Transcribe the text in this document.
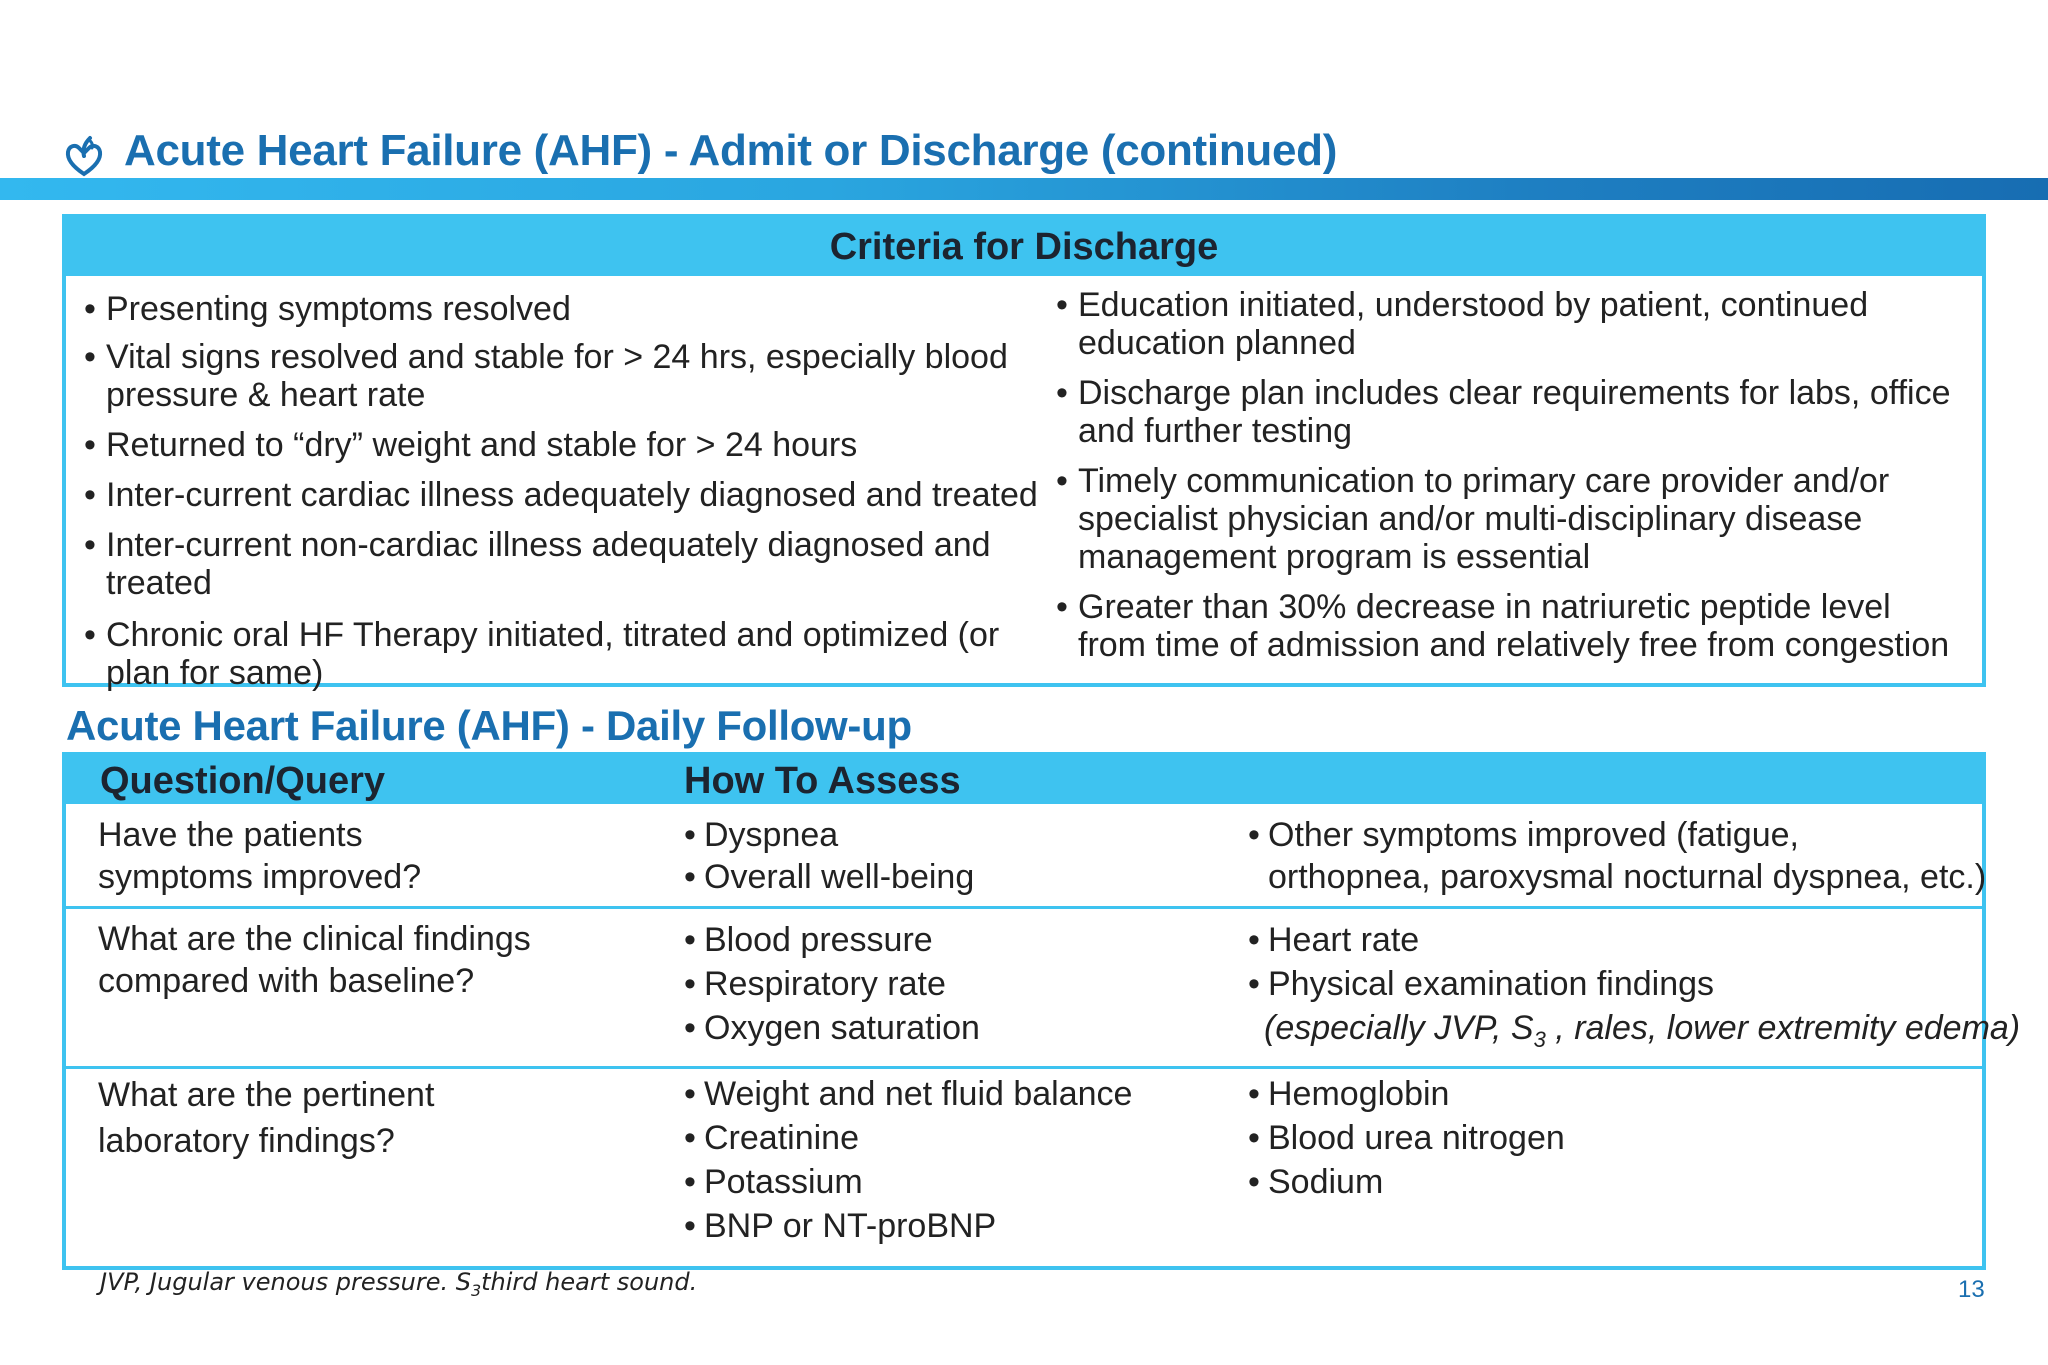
Acute Heart Failure (AHF) - Admit or Discharge (continued)
Criteria for Discharge
• Presenting symptoms resolved
• Vital signs resolved and stable for > 24 hrs, especially blood pressure & heart rate
• Returned to “dry” weight and stable for > 24 hours
• Inter-current cardiac illness adequately diagnosed and treated
• Inter-current non-cardiac illness adequately diagnosed and treated
• Chronic oral HF Therapy initiated, titrated and optimized (or plan for same)
• Education initiated, understood by patient, continued education planned
• Discharge plan includes clear requirements for labs, office and further testing
• Timely communication to primary care provider and/or specialist physician and/or multi-disciplinary disease management program is essential
• Greater than 30% decrease in natriuretic peptide level from time of admission and relatively free from congestion
Acute Heart Failure (AHF) - Daily Follow-up
Question/Query	How To Assess
Have the patients
symptoms improved?
• Dyspnea
• Overall well-being
• Other symptoms improved (fatigue,
orthopnea, paroxysmal nocturnal dyspnea, etc.)
What are the clinical findings
compared with baseline?
• Blood pressure
• Respiratory rate
• Oxygen saturation
• Heart rate
• Physical examination findings
(especially JVP, $S_3$ , rales, lower extremity edema)
What are the pertinent
laboratory findings?
• Weight and net fluid balance
• Creatinine
• Potassium
• BNP or NT-proBNP
• Hemoglobin
• Blood urea nitrogen
• Sodium
JVP, Jugular venous pressure. $S_3third$ heart sound.	13
